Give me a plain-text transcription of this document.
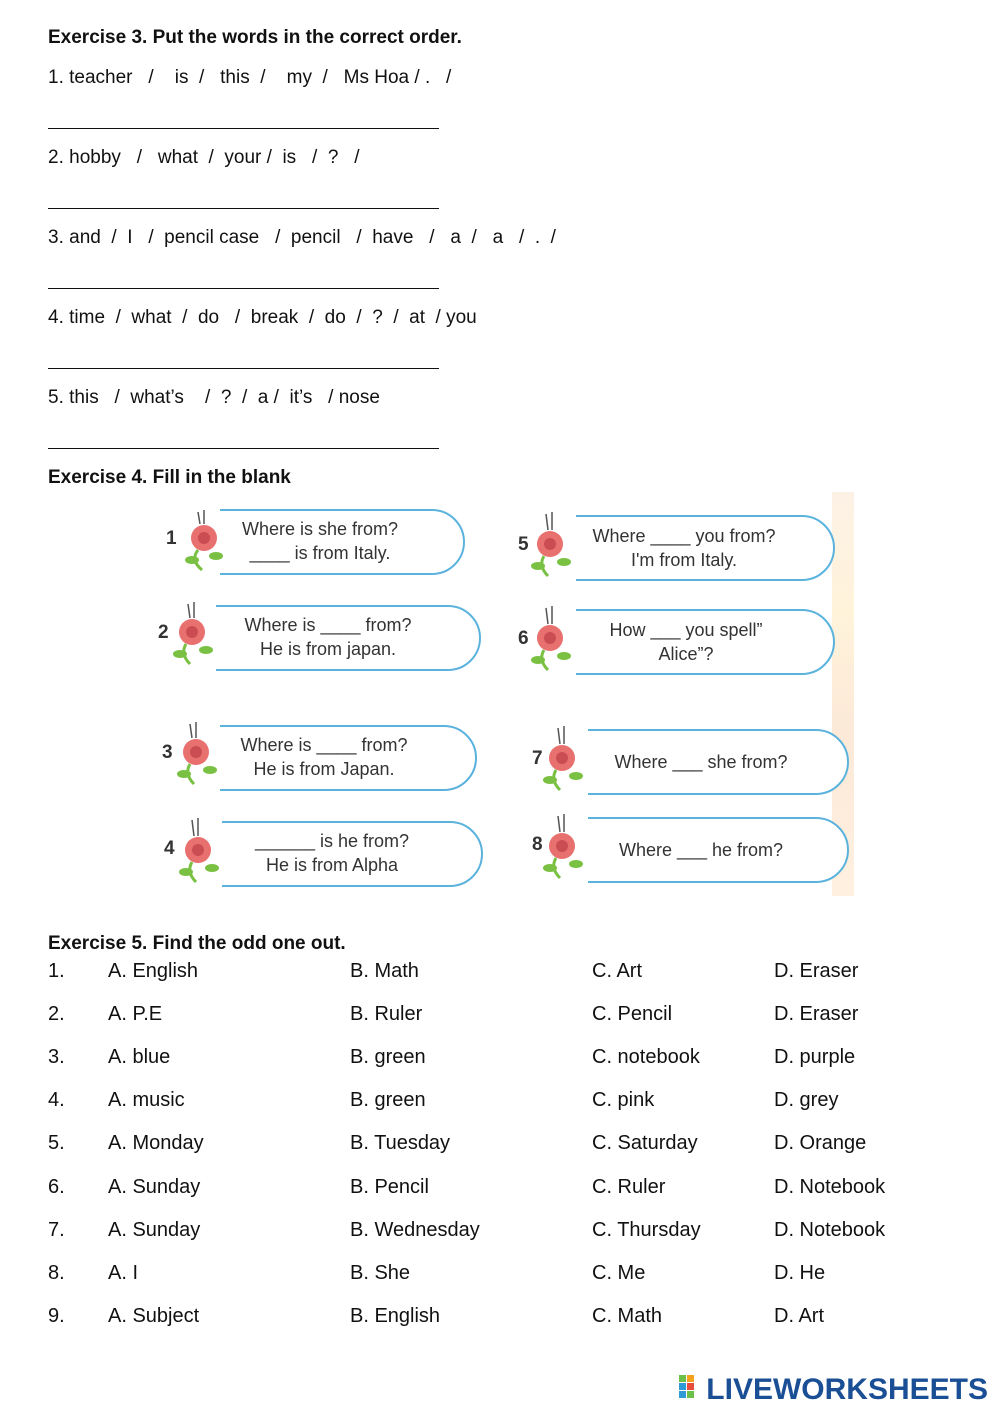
Exercise 3. Put the words in the correct order.
1. teacher   /    is  /   this  /    my  /   Ms Hoa / .   /
2. hobby   /   what  /  your /  is   /  ?   /
3. and  /  I   /  pencil case   /  pencil   /  have   /   a  /   a   /  .  /
4. time  /  what  /  do   /  break  /  do  /  ?  /  at  / you
5. this   /  what’s    /  ?  /  a /  it’s   / nose
Exercise 4. Fill in the blank
1	Where is she from?
____ is from Italy.
2	Where is ____ from?
He is from japan.
3	Where is ____ from?
He is from Japan.
4	______ is he from?
He is from Alpha
5	Where ____ you from?
I'm from Italy.
6	How ___ you spell”
Alice”?
7	Where ___ she from?
8	Where ___ he from?
Exercise 5. Find the odd one out.
1. A. English	B. Math	C. Art	D. Eraser
2. A. P.E	B. Ruler	C. Pencil	D. Eraser
3. A. blue	B. green	C. notebook	D. purple
4. A. music	B. green	C. pink	D. grey
5. A. Monday	B. Tuesday	C. Saturday	D. Orange
6. A. Sunday	B. Pencil	C. Ruler	D. Notebook
7. A. Sunday	B. Wednesday	C. Thursday	D. Notebook
8. A. I	B. She	C. Me	D. He
9. A. Subject	B. English	C. Math	D. Art
LIVEWORKSHEETS
